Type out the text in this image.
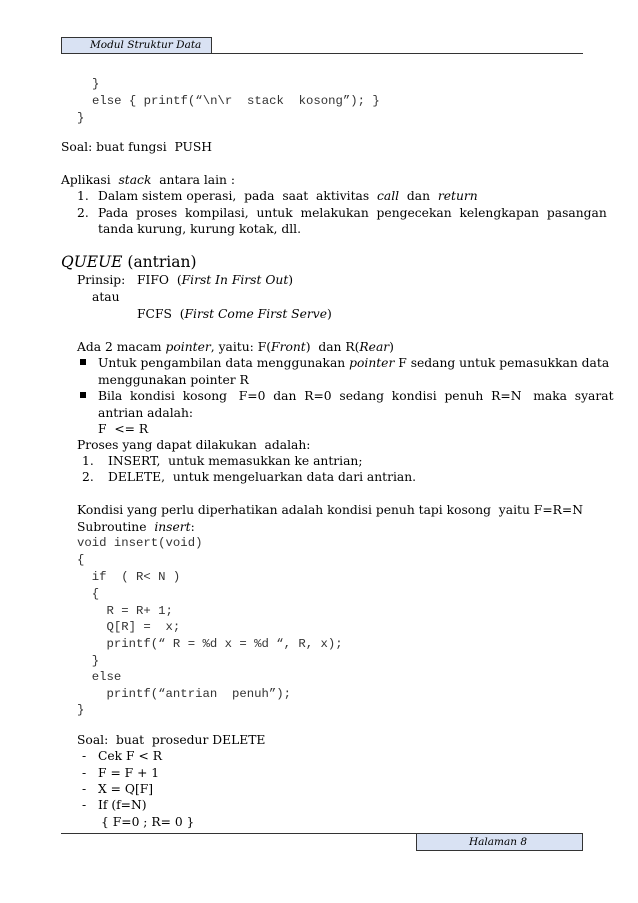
Modul Struktur Data
}
else { printf(“\n\r  stack  kosong”); }
}
Soal: buat fungsi  PUSH
Aplikasi  stack  antara lain :
1. Dalam sistem operasi,  pada  saat  aktivitas  call  dan  return
2. Pada  proses  kompilasi,  untuk  melakukan  pengecekan  kelengkapan  pasangan
tanda kurung, kurung kotak, dll.
QUEUE (antrian)
Prinsip: FIFO  (First In First Out)
atau
FCFS  (First Come First Serve)
Ada 2 macam pointer, yaitu: F(Front)  dan R(Rear)
Untuk pengambilan data menggunakan pointer F sedang untuk pemasukkan data
menggunakan pointer R
Bila  kondisi  kosong   F=0  dan  R=0  sedang  kondisi  penuh  R=N   maka  syarat
antrian adalah:
F  <= R
Proses yang dapat dilakukan  adalah:
1. INSERT,  untuk memasukkan ke antrian;
2. DELETE,  untuk mengeluarkan data dari antrian.
Kondisi yang perlu diperhatikan adalah kondisi penuh tapi kosong  yaitu F=R=N
Subroutine  insert:
void insert(void)
{
if  ( R< N )
{
R = R+ 1;
Q[R] =  x;
printf(“ R = %d x = %d “, R, x);
}
else
printf(“antrian  penuh”);
}
Soal:  buat  prosedur DELETE
- Cek F < R
- F = F + 1
- X = Q[F]
- If (f=N)
{ F=0 ; R= 0 }
Halaman 8
